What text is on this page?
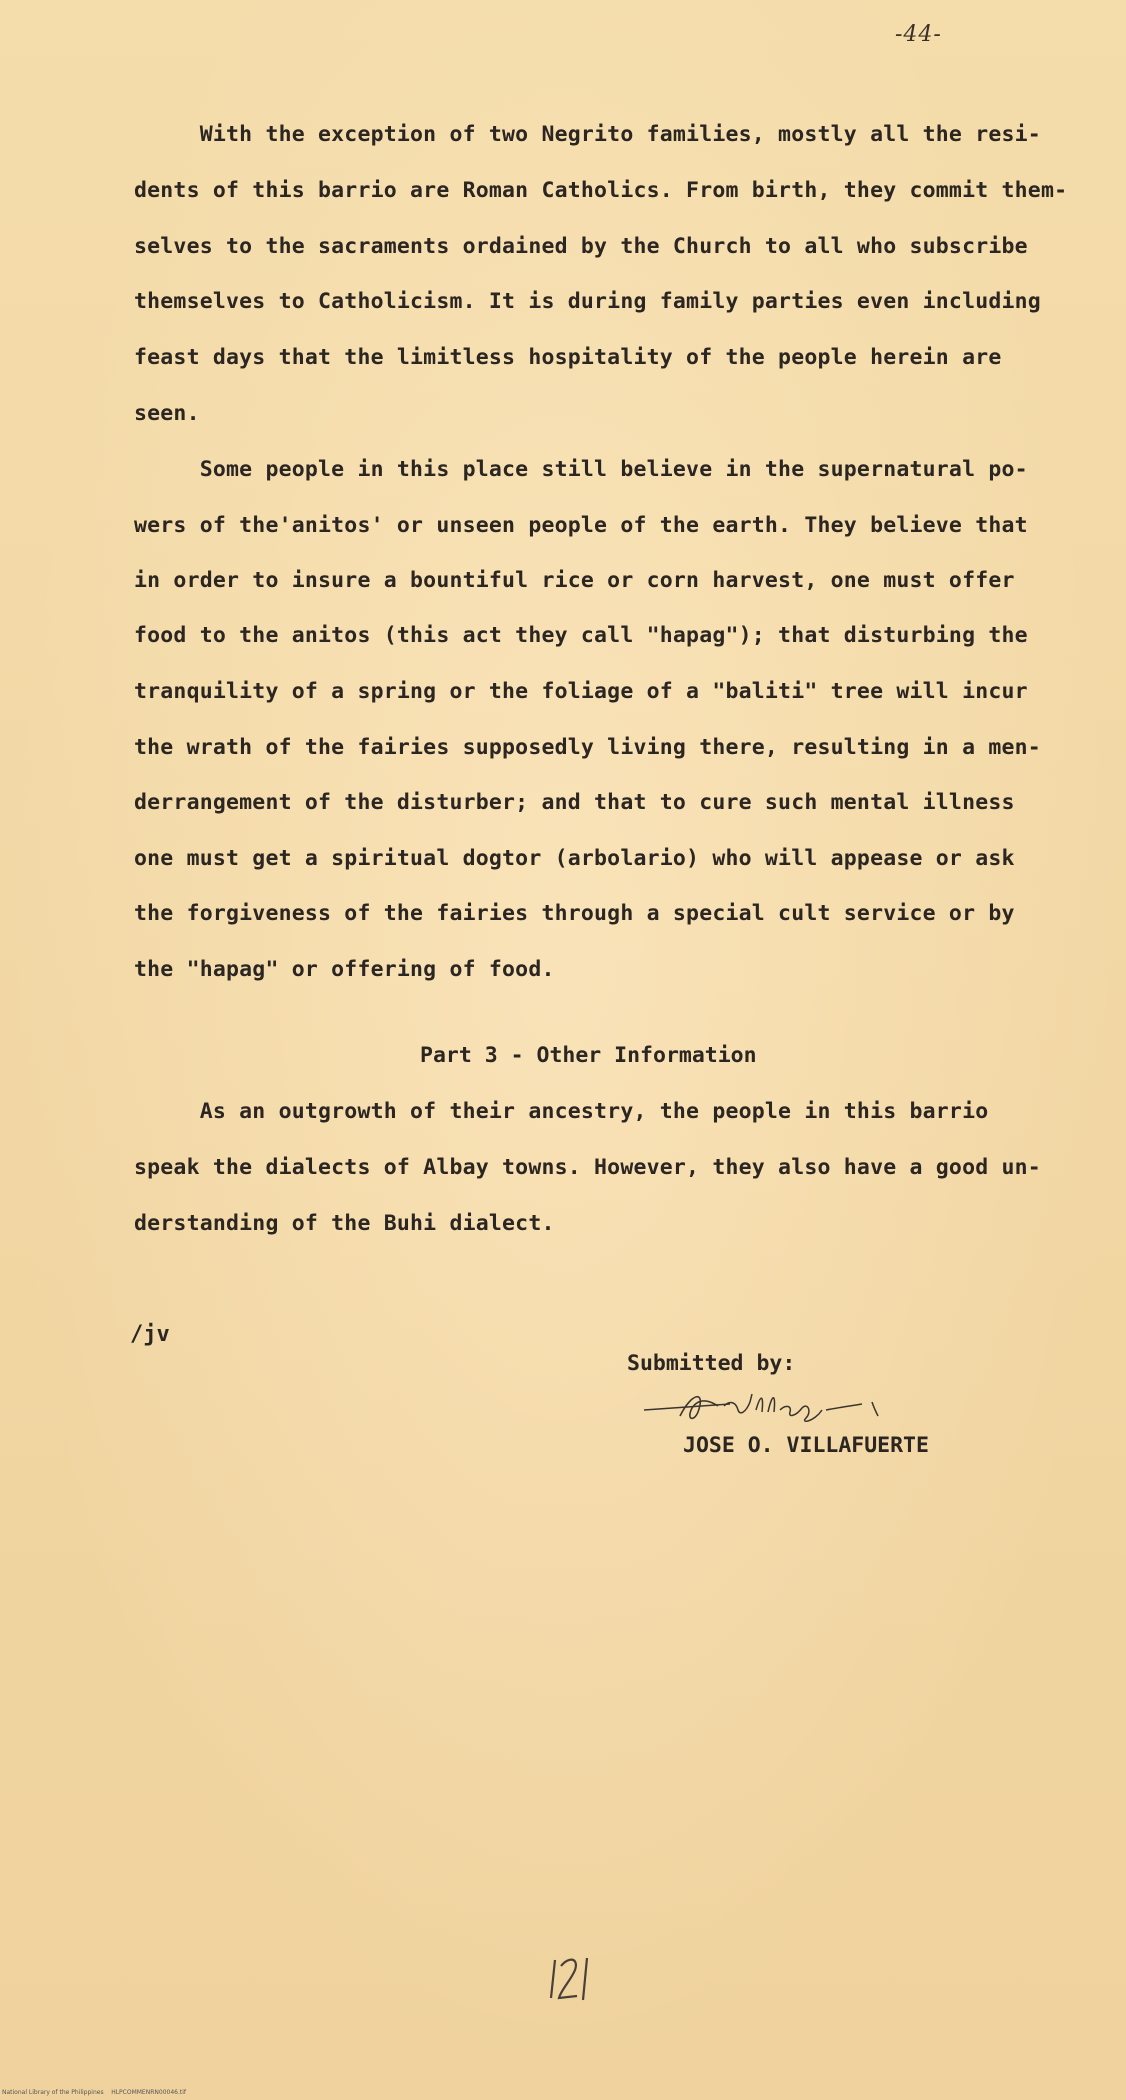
-44-
With the exception of two Negrito families, mostly all the resi-
dents of this barrio are Roman Catholics. From birth, they commit them-
selves to the sacraments ordained by the Church to all who subscribe
themselves to Catholicism. It is during family parties even including
feast days that the limitless hospitality of the people herein are
seen.
Some people in this place still believe in the supernatural po-
wers of the'anitos' or unseen people of the earth. They believe that
in order to insure a bountiful rice or corn harvest, one must offer
food to the anitos (this act they call "hapag"); that disturbing the
tranquility of a spring or the foliage of a "baliti" tree will incur
the wrath of the fairies supposedly living there, resulting in a men-
derrangement of the disturber; and that to cure such mental illness
one must get a spiritual dogtor (arbolario) who will appease or ask
the forgiveness of the fairies through a special cult service or by
the "hapag" or offering of food.
Part 3 - Other Information
As an outgrowth of their ancestry, the people in this barrio
speak the dialects of Albay towns. However, they also have a good un-
derstanding of the Buhi dialect.
/jv
Submitted by:
JOSE O. VILLAFUERTE
National Library of the Philippines    HLPCOMMENRN00046.tif
